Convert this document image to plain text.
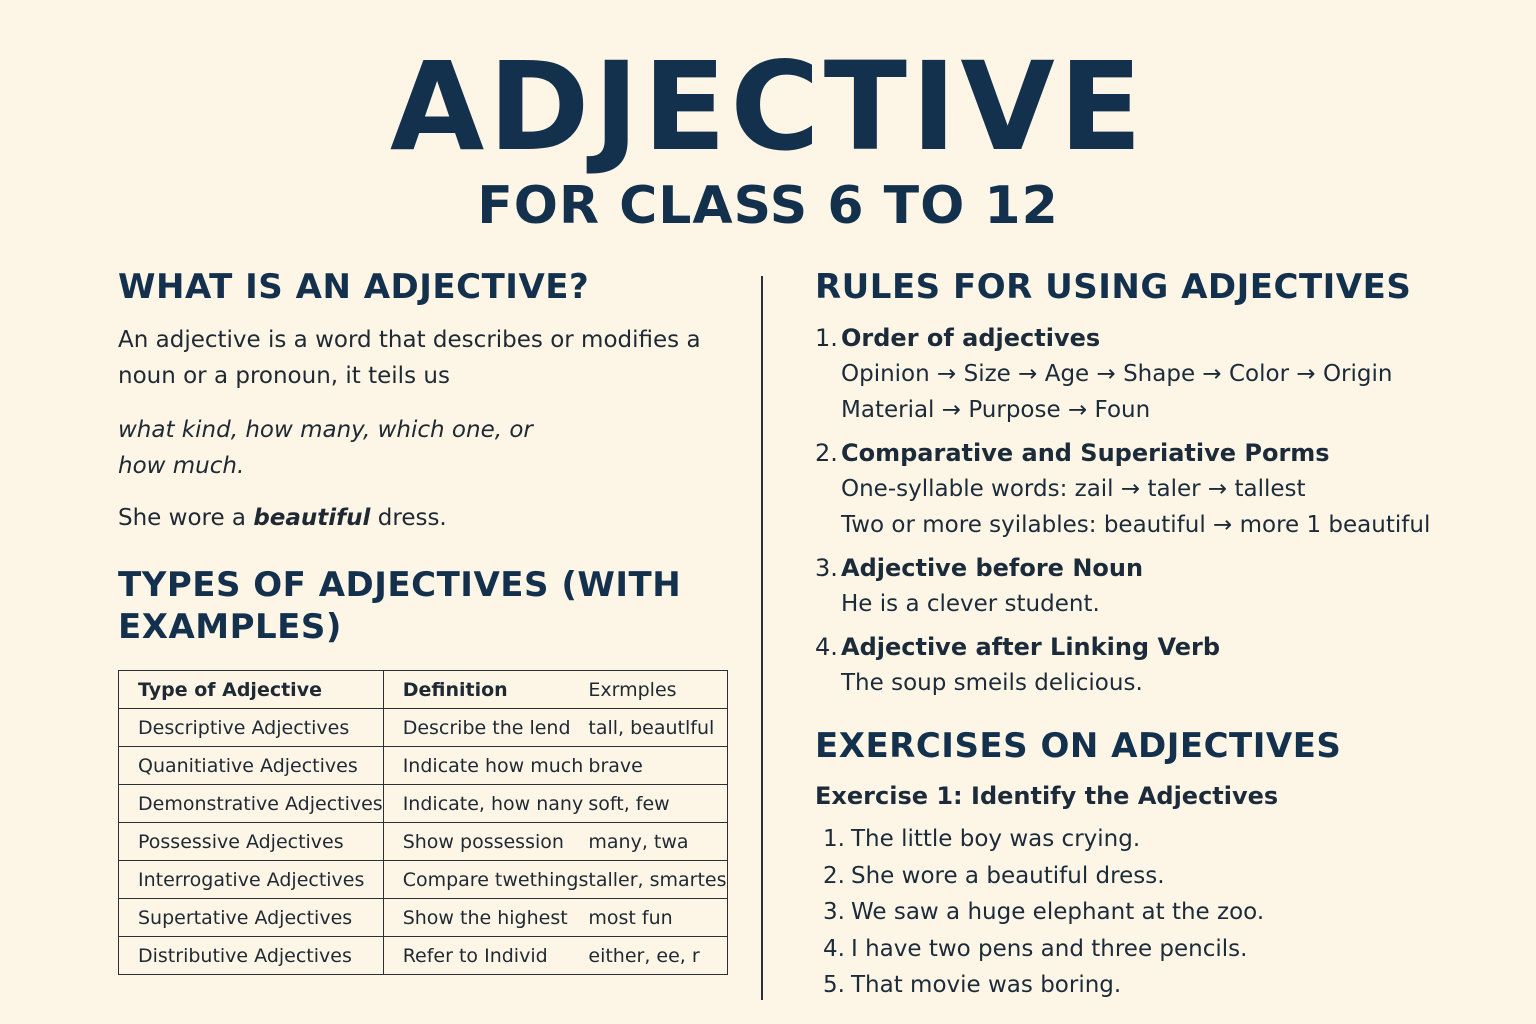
ADJECTIVE
FOR CLASS 6 TO 12
WHAT IS AN ADJECTIVE?
An adjective is a word that describes or modifies a
noun or a pronoun, it teils us
what kind, how many, which one, or
how much.
She wore a beautiful dress.
TYPES OF ADJECTIVES (WITH
EXAMPLES)
Type of Adjective	Definition	Exrmples
Descriptive Adjectives	Describe the lend	tall, beautlful
Quanitiative Adjectives	Indicate how much	brave
Demonstrative Adjectives	Indicate, how nany	soft, few
Possessive Adjectives	Show possession	many, twa
Interrogative Adjectives	Compare twethings	taller, smartes
Supertative Adjectives	Show the highest	most fun
Distributive Adjectives	Refer to Individ	either, ee, r
RULES FOR USING ADJECTIVES
1. Order of adjectives
Opinion → Size → Age → Shape → Color → Origin
Material → Purpose → Foun
2. Comparative and Superiative Porms
One-syllable words: zail → taler → tallest
Two or more syilables: beautiful → more 1 beautiful
3. Adjective before Noun
He is a clever student.
4. Adjective after Linking Verb
The soup smeils delicious.
EXERCISES ON ADJECTIVES
Exercise 1: Identify the Adjectives
1. The little boy was crying.
2. She wore a beautiful dress.
3. We saw a huge elephant at the zoo.
4. I have two pens and three pencils.
5. That movie was boring.
